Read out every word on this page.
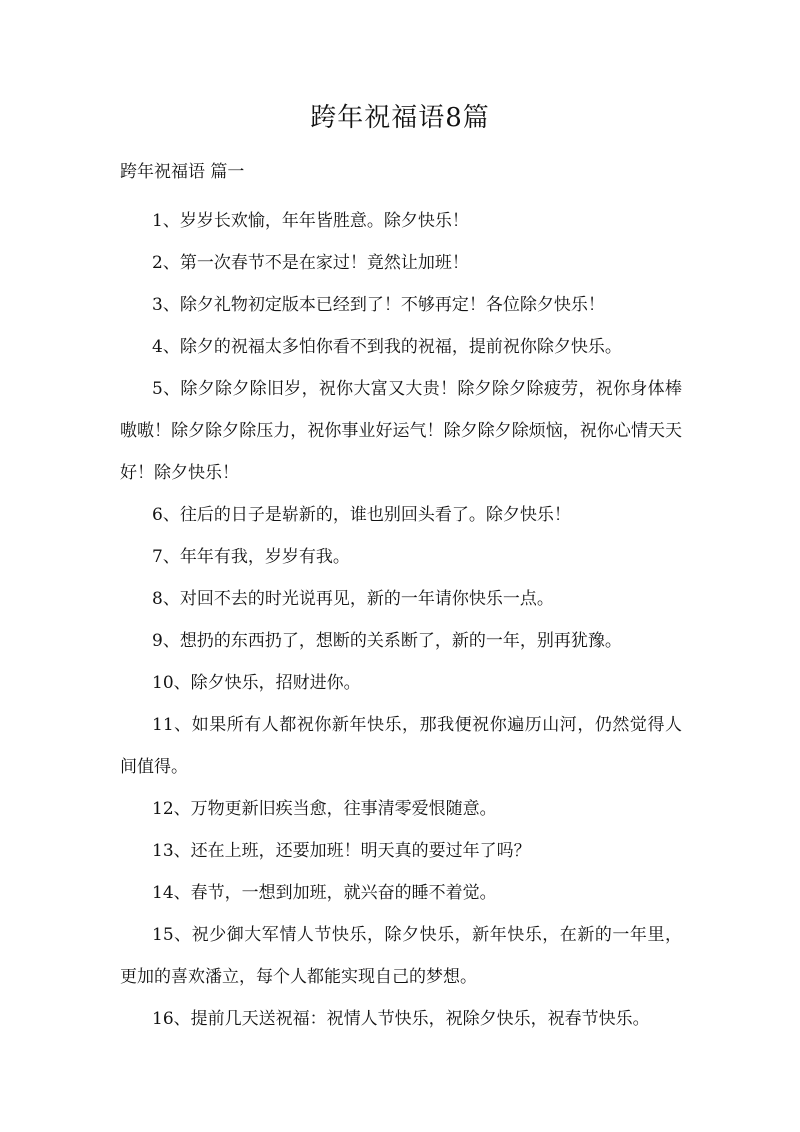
跨年祝福语8篇
跨年祝福语 篇一

1、岁岁长欢愉，年年皆胜意。除夕快乐！

2、第一次春节不是在家过！竟然让加班！

3、除夕礼物初定版本已经到了！不够再定！各位除夕快乐！

4、除夕的祝福太多怕你看不到我的祝福，提前祝你除夕快乐。

5、除夕除夕除旧岁，祝你大富又大贵！除夕除夕除疲劳，祝你身体棒嗷嗷！除夕除夕除压力，祝你事业好运气！除夕除夕除烦恼，祝你心情天天好！除夕快乐！

6、往后的日子是崭新的，谁也别回头看了。除夕快乐！

7、年年有我，岁岁有我。

8、对回不去的时光说再见，新的一年请你快乐一点。

9、想扔的东西扔了，想断的关系断了，新的一年，别再犹豫。

10、除夕快乐，招财进你。

11、如果所有人都祝你新年快乐，那我便祝你遍历山河，仍然觉得人间值得。

12、万物更新旧疾当愈，往事清零爱恨随意。

13、还在上班，还要加班！明天真的要过年了吗？

14、春节，一想到加班，就兴奋的睡不着觉。

15、祝少御大军情人节快乐，除夕快乐，新年快乐，在新的一年里，更加的喜欢潘立，每个人都能实现自己的梦想。

16、提前几天送祝福：祝情人节快乐，祝除夕快乐，祝春节快乐。
